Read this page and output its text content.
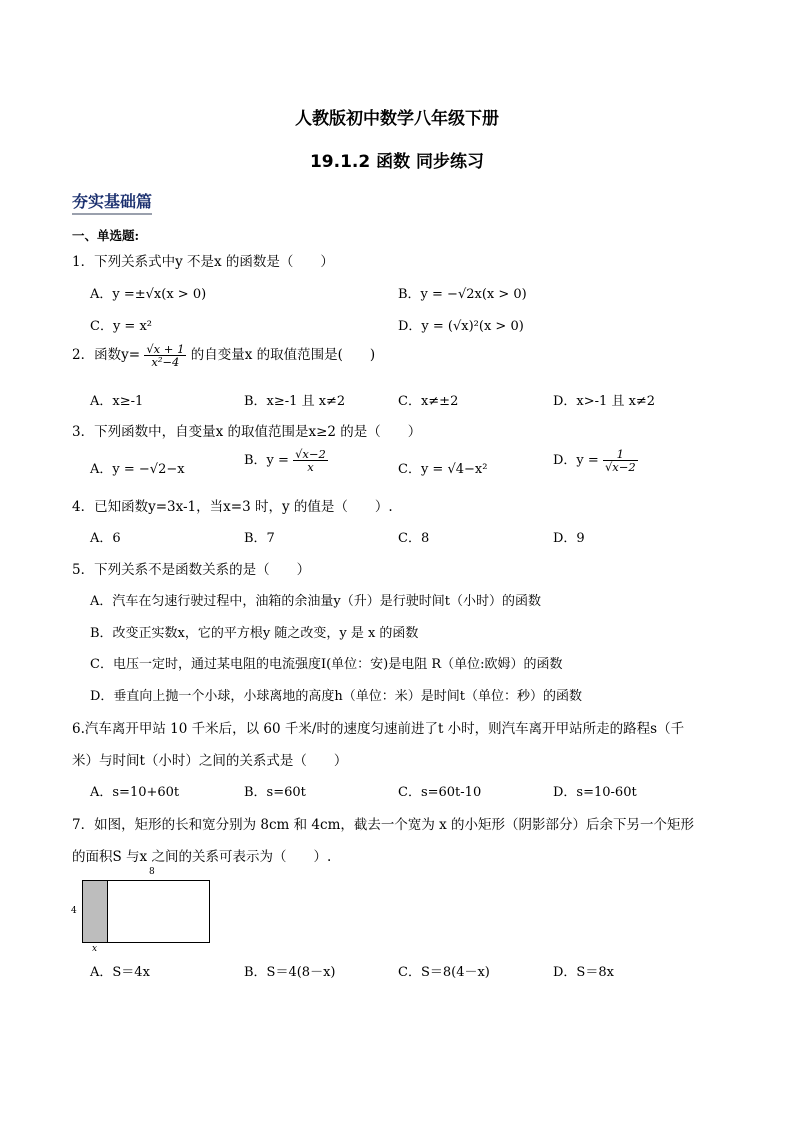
人教版初中数学八年级下册
19.1.2 函数 同步练习
夯实基础篇
一、单选题:
1．下列关系式中y 不是x 的函数是（　　）
A．y =±√x(x > 0)	B．y = −√2x(x > 0)
C．y = x²	D．y = (√x)²(x > 0)
2．函数$y= \frac{√x + 1}{\text{x²−4}}$ 的自变量x 的取值范围是(　　)
A．x≥-1	B．x≥-1 且 x≠2	C．x≠±2	D．x>-1 且 x≠2
3．下列函数中，自变量x 的取值范围是x≥2 的是（　　）
A．y = −√2−x
B．$y = \frac{√x-2}{x}$	C．y = √4−x²
D．$y = \frac{1}{√x-2}$
4．已知函数y=3x-1，当x=3 时，y 的值是（　　）.
A．6	B．7	C．8	D．9
5．下列关系不是函数关系的是（　　）
A．汽车在匀速行驶过程中，油箱的余油量y（升）是行驶时间t（小时）的函数
B．改变正实数x，它的平方根y 随之改变，y 是 x 的函数
C．电压一定时，通过某电阻的电流强度I(单位：安)是电阻 R（单位:欧姆）的函数
D．垂直向上抛一个小球，小球离地的高度h（单位：米）是时间t（单位：秒）的函数
6.汽车离开甲站 10 千米后，以 60 千米/时的速度匀速前进了t 小时，则汽车离开甲站所走的路程s（千
米）与时间t（小时）之间的关系式是（　　）
A．s=10+60t	B．s=60t	C．s=60t-10	D．s=10-60t
7．如图，矩形的长和宽分别为 8cm 和 4cm，截去一个宽为 x 的小矩形（阴影部分）后余下另一个矩形
的面积S 与x 之间的关系可表示为（　　）.
8
4
x
A．S＝4x	B．S＝4(8－x)	C．S＝8(4－x)	D．S＝8x
